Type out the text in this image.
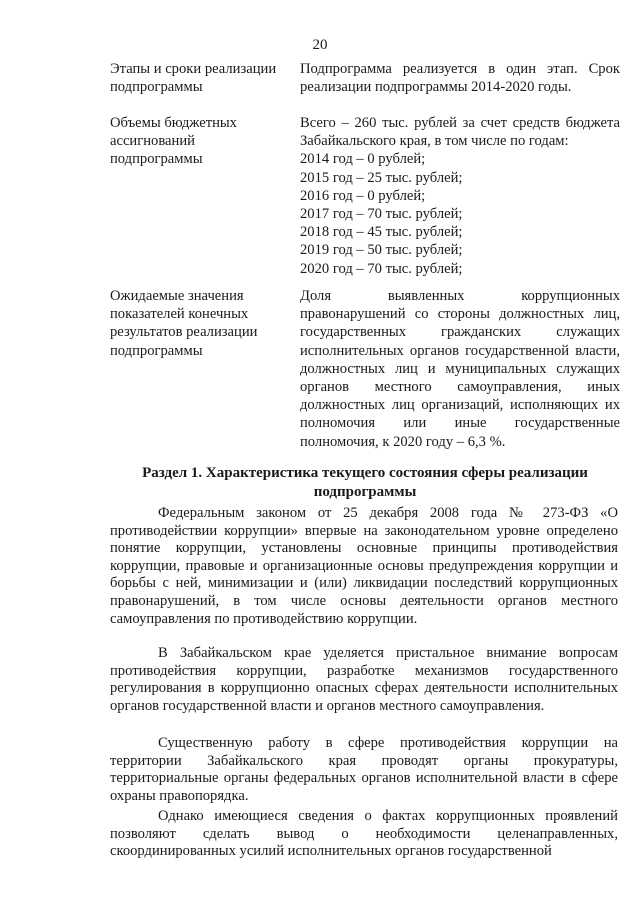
20
Этапы и сроки реализации подпрограммы
Подпрограмма реализуется в один этап. Срок реализации подпрограммы 2014-2020 годы.
Объемы бюджетных ассигнований подпрограммы
Всего – 260 тыс. рублей за счет средств бюджета Забайкальского края, в том числе по годам:
2014 год – 0 рублей;
2015 год – 25 тыс. рублей;
2016 год – 0 рублей;
2017 год – 70 тыс. рублей;
2018 год – 45 тыс. рублей;
2019 год – 50 тыс. рублей;
2020 год – 70 тыс. рублей;
Ожидаемые значения показателей конечных результатов реализации подпрограммы
Доля выявленных коррупционных правонарушений со стороны должностных лиц, государственных гражданских служащих исполнительных органов государственной власти, должностных лиц и муниципальных служащих органов местного самоуправления, иных должностных лиц организаций, исполняющих их полномочия или иные государственные полномочия, к 2020 году – 6,3 %.
Раздел 1. Характеристика текущего состояния сферы реализации подпрограммы
Федеральным законом от 25 декабря 2008 года № 273-ФЗ «О противодействии коррупции» впервые на законодательном уровне определено понятие коррупции, установлены основные принципы противодействия коррупции, правовые и организационные основы предупреждения коррупции и борьбы с ней, минимизации и (или) ликвидации последствий коррупционных правонарушений, в том числе основы деятельности органов местного самоуправления по противодействию коррупции.
В Забайкальском крае уделяется пристальное внимание вопросам противодействия коррупции, разработке механизмов государственного регулирования в коррупционно опасных сферах деятельности исполнительных органов государственной власти и органов местного самоуправления.
Существенную работу в сфере противодействия коррупции на территории Забайкальского края проводят органы прокуратуры, территориальные органы федеральных органов исполнительной власти в сфере охраны правопорядка.
Однако имеющиеся сведения о фактах коррупционных проявлений позволяют сделать вывод о необходимости целенаправленных, скоординированных усилий исполнительных органов государственной
